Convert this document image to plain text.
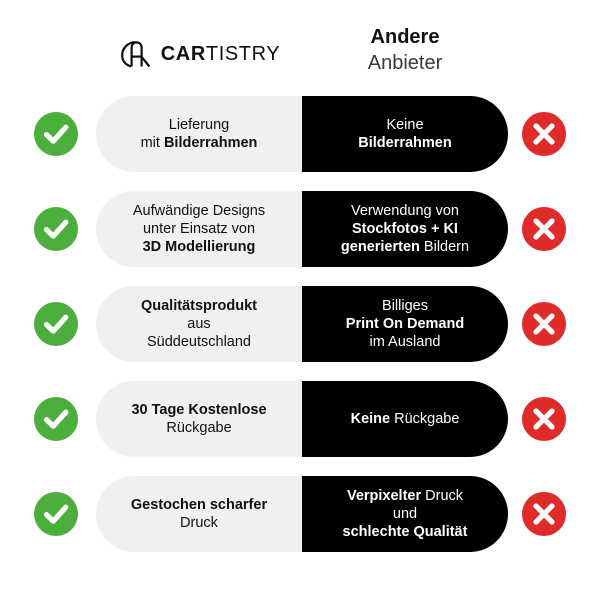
CARTISTRY
Andere
Anbieter
Lieferung
mit Bilderrahmen
Keine
Bilderrahmen
Aufwändige Designs
unter Einsatz von
3D Modellierung
Verwendung von
Stockfotos + KI
generierten Bildern
Qualitätsprodukt
aus
Süddeutschland
Billiges
Print On Demand
im Ausland
30 Tage Kostenlose
Rückgabe
Keine Rückgabe
Gestochen scharfer
Druck
Verpixelter Druck
und
schlechte Qualität
